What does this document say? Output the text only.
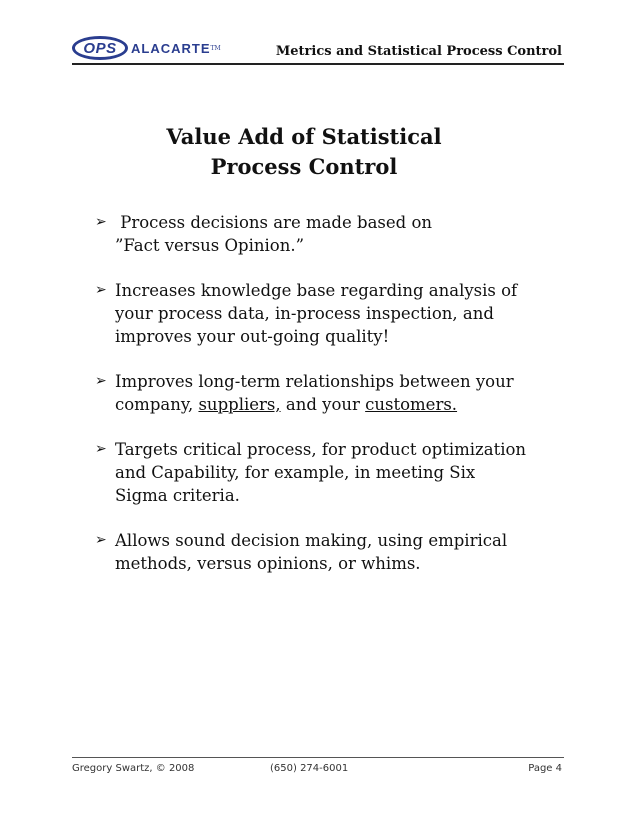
OPS ALACARTE TM	Metrics and Statistical Process Control
Value Add of Statistical
Process Control
➢ Process decisions are made based on
”Fact versus Opinion.”
➢ Increases knowledge base regarding analysis of
your process data, in-process inspection, and
improves your out-going quality!
➢ Improves long-term relationships between your
company, suppliers, and your customers.
➢ Targets critical process, for product optimization
and Capability, for example, in meeting Six
Sigma criteria.
➢ Allows sound decision making, using empirical
methods, versus opinions, or whims.
Gregory Swartz, © 2008	(650) 274-6001	Page 4
